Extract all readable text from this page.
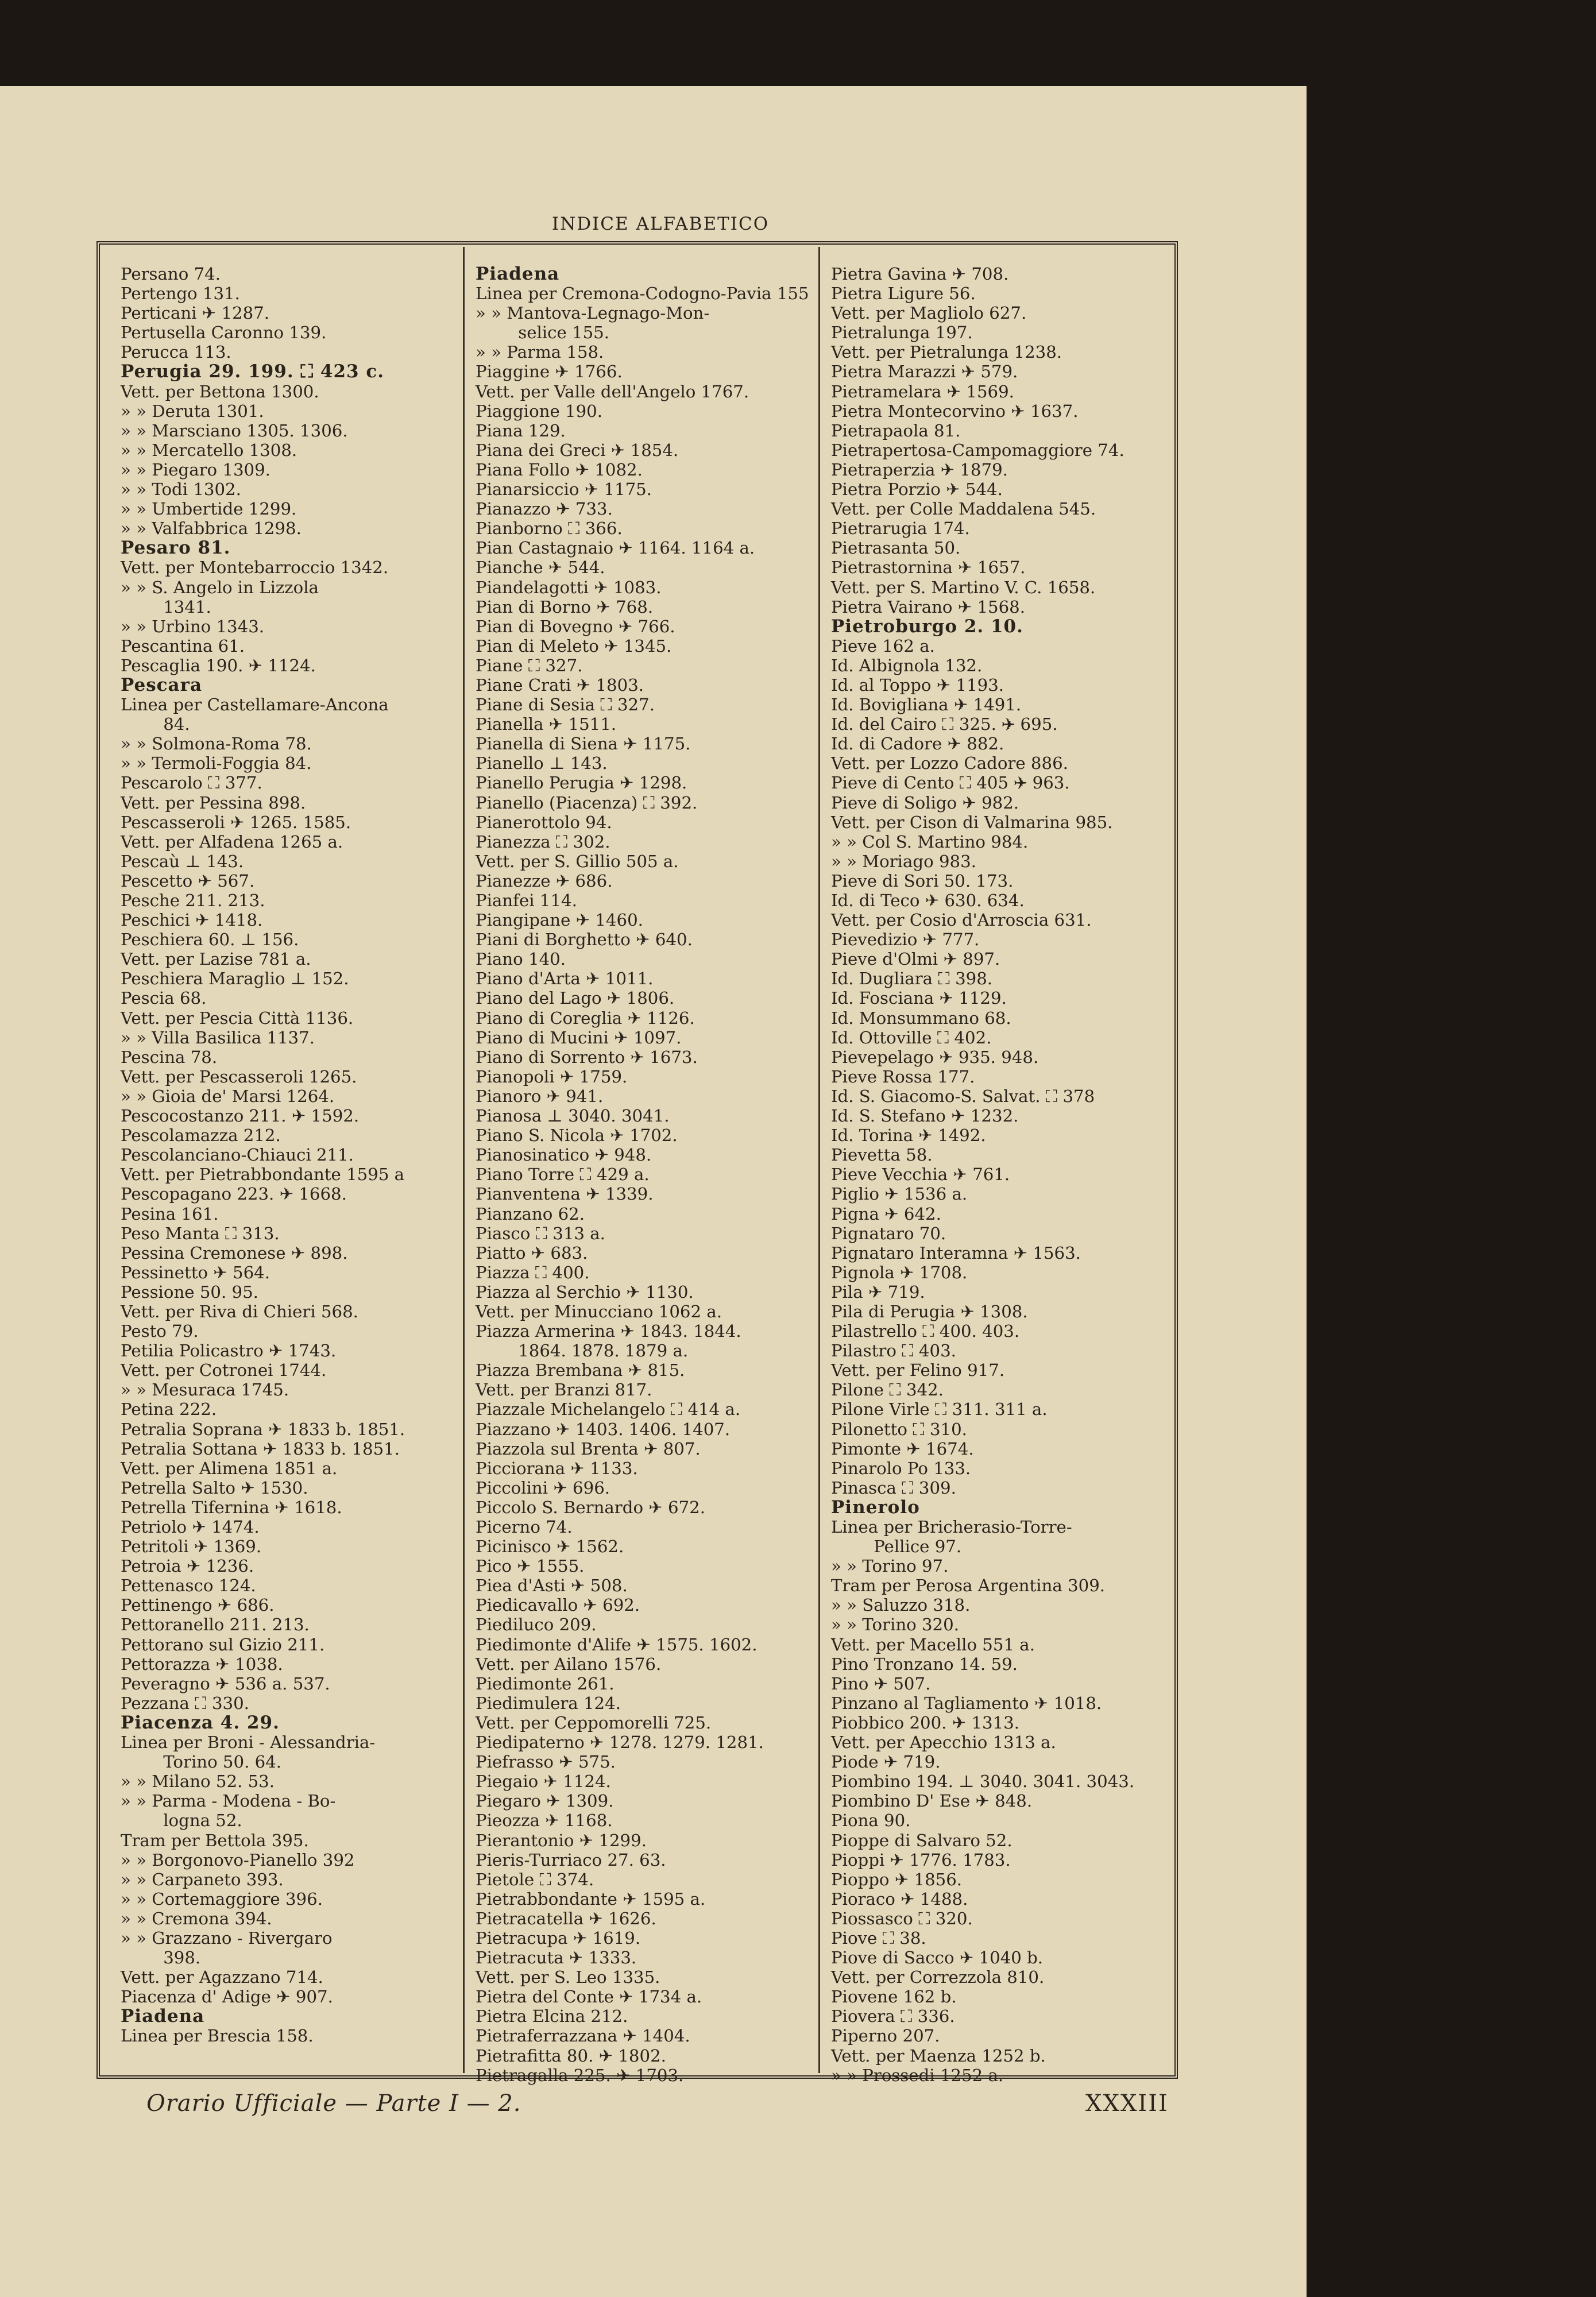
INDICE ALFABETICO
Persano 74.
Pertengo 131.
Perticani ✈ 1287.
Pertusella Caronno 139.
Perucca 113.
Perugia 29. 199. ⛶ 423 c.
Vett. per Bettona 1300.
» » Deruta 1301.
» » Marsciano 1305. 1306.
» » Mercatello 1308.
» » Piegaro 1309.
» » Todi 1302.
» » Umbertide 1299.
» » Valfabbrica 1298.
Pesaro 81.
Vett. per Montebarroccio 1342.
» » S. Angelo in Lizzola
1341.
» » Urbino 1343.
Pescantina 61.
Pescaglia 190. ✈ 1124.
Pescara
Linea per Castellamare-Ancona
84.
» » Solmona-Roma 78.
» » Termoli-Foggia 84.
Pescarolo ⛶ 377.
Vett. per Pessina 898.
Pescasseroli ✈ 1265. 1585.
Vett. per Alfadena 1265 a.
Pescaù ⊥ 143.
Pescetto ✈ 567.
Pesche 211. 213.
Peschici ✈ 1418.
Peschiera 60. ⊥ 156.
Vett. per Lazise 781 a.
Peschiera Maraglio ⊥ 152.
Pescia 68.
Vett. per Pescia Città 1136.
» » Villa Basilica 1137.
Pescina 78.
Vett. per Pescasseroli 1265.
» » Gioia de' Marsi 1264.
Pescocostanzo 211. ✈ 1592.
Pescolamazza 212.
Pescolanciano-Chiauci 211.
Vett. per Pietrabbondante 1595 a
Pescopagano 223. ✈ 1668.
Pesina 161.
Peso Manta ⛶ 313.
Pessina Cremonese ✈ 898.
Pessinetto ✈ 564.
Pessione 50. 95.
Vett. per Riva di Chieri 568.
Pesto 79.
Petilia Policastro ✈ 1743.
Vett. per Cotronei 1744.
» » Mesuraca 1745.
Petina 222.
Petralia Soprana ✈ 1833 b. 1851.
Petralia Sottana ✈ 1833 b. 1851.
Vett. per Alimena 1851 a.
Petrella Salto ✈ 1530.
Petrella Tifernina ✈ 1618.
Petriolo ✈ 1474.
Petritoli ✈ 1369.
Petroia ✈ 1236.
Pettenasco 124.
Pettinengo ✈ 686.
Pettoranello 211. 213.
Pettorano sul Gizio 211.
Pettorazza ✈ 1038.
Peveragno ✈ 536 a. 537.
Pezzana ⛶ 330.
Piacenza 4. 29.
Linea per Broni - Alessandria-
Torino 50. 64.
» » Milano 52. 53.
» » Parma - Modena - Bo-
logna 52.
Tram per Bettola 395.
» » Borgonovo-Pianello 392
» » Carpaneto 393.
» » Cortemaggiore 396.
» » Cremona 394.
» » Grazzano - Rivergaro
398.
Vett. per Agazzano 714.
Piacenza d' Adige ✈ 907.
Piadena
Linea per Brescia 158.
Piadena
Linea per Cremona-Codogno-Pavia 155
» » Mantova-Legnago-Mon-
selice 155.
» » Parma 158.
Piaggine ✈ 1766.
Vett. per Valle dell'Angelo 1767.
Piaggione 190.
Piana 129.
Piana dei Greci ✈ 1854.
Piana Follo ✈ 1082.
Pianarsiccio ✈ 1175.
Pianazzo ✈ 733.
Pianborno ⛶ 366.
Pian Castagnaio ✈ 1164. 1164 a.
Pianche ✈ 544.
Piandelagotti ✈ 1083.
Pian di Borno ✈ 768.
Pian di Bovegno ✈ 766.
Pian di Meleto ✈ 1345.
Piane ⛶ 327.
Piane Crati ✈ 1803.
Piane di Sesia ⛶ 327.
Pianella ✈ 1511.
Pianella di Siena ✈ 1175.
Pianello ⊥ 143.
Pianello Perugia ✈ 1298.
Pianello (Piacenza) ⛶ 392.
Pianerottolo 94.
Pianezza ⛶ 302.
Vett. per S. Gillio 505 a.
Pianezze ✈ 686.
Pianfei 114.
Piangipane ✈ 1460.
Piani di Borghetto ✈ 640.
Piano 140.
Piano d'Arta ✈ 1011.
Piano del Lago ✈ 1806.
Piano di Coreglia ✈ 1126.
Piano di Mucini ✈ 1097.
Piano di Sorrento ✈ 1673.
Pianopoli ✈ 1759.
Pianoro ✈ 941.
Pianosa ⊥ 3040. 3041.
Piano S. Nicola ✈ 1702.
Pianosinatico ✈ 948.
Piano Torre ⛶ 429 a.
Pianventena ✈ 1339.
Pianzano 62.
Piasco ⛶ 313 a.
Piatto ✈ 683.
Piazza ⛶ 400.
Piazza al Serchio ✈ 1130.
Vett. per Minucciano 1062 a.
Piazza Armerina ✈ 1843. 1844.
1864. 1878. 1879 a.
Piazza Brembana ✈ 815.
Vett. per Branzi 817.
Piazzale Michelangelo ⛶ 414 a.
Piazzano ✈ 1403. 1406. 1407.
Piazzola sul Brenta ✈ 807.
Picciorana ✈ 1133.
Piccolini ✈ 696.
Piccolo S. Bernardo ✈ 672.
Picerno 74.
Picinisco ✈ 1562.
Pico ✈ 1555.
Piea d'Asti ✈ 508.
Piedicavallo ✈ 692.
Piediluco 209.
Piedimonte d'Alife ✈ 1575. 1602.
Vett. per Ailano 1576.
Piedimonte 261.
Piedimulera 124.
Vett. per Ceppomorelli 725.
Piedipaterno ✈ 1278. 1279. 1281.
Piefrasso ✈ 575.
Piegaio ✈ 1124.
Piegaro ✈ 1309.
Pieozza ✈ 1168.
Pierantonio ✈ 1299.
Pieris-Turriaco 27. 63.
Pietole ⛶ 374.
Pietrabbondante ✈ 1595 a.
Pietracatella ✈ 1626.
Pietracupa ✈ 1619.
Pietracuta ✈ 1333.
Vett. per S. Leo 1335.
Pietra del Conte ✈ 1734 a.
Pietra Elcina 212.
Pietraferrazzana ✈ 1404.
Pietrafitta 80. ✈ 1802.
Pietragalla 225. ✈ 1703.
Pietra Gavina ✈ 708.
Pietra Ligure 56.
Vett. per Magliolo 627.
Pietralunga 197.
Vett. per Pietralunga 1238.
Pietra Marazzi ✈ 579.
Pietramelara ✈ 1569.
Pietra Montecorvino ✈ 1637.
Pietrapaola 81.
Pietrapertosa-Campomaggiore 74.
Pietraperzia ✈ 1879.
Pietra Porzio ✈ 544.
Vett. per Colle Maddalena 545.
Pietrarugia 174.
Pietrasanta 50.
Pietrastornina ✈ 1657.
Vett. per S. Martino V. C. 1658.
Pietra Vairano ✈ 1568.
Pietroburgo 2. 10.
Pieve 162 a.
Id. Albignola 132.
Id. al Toppo ✈ 1193.
Id. Bovigliana ✈ 1491.
Id. del Cairo ⛶ 325. ✈ 695.
Id. di Cadore ✈ 882.
Vett. per Lozzo Cadore 886.
Pieve di Cento ⛶ 405 ✈ 963.
Pieve di Soligo ✈ 982.
Vett. per Cison di Valmarina 985.
» » Col S. Martino 984.
» » Moriago 983.
Pieve di Sori 50. 173.
Id. di Teco ✈ 630. 634.
Vett. per Cosio d'Arroscia 631.
Pievedizio ✈ 777.
Pieve d'Olmi ✈ 897.
Id. Dugliara ⛶ 398.
Id. Fosciana ✈ 1129.
Id. Monsummano 68.
Id. Ottoville ⛶ 402.
Pievepelago ✈ 935. 948.
Pieve Rossa 177.
Id. S. Giacomo-S. Salvat. ⛶ 378
Id. S. Stefano ✈ 1232.
Id. Torina ✈ 1492.
Pievetta 58.
Pieve Vecchia ✈ 761.
Piglio ✈ 1536 a.
Pigna ✈ 642.
Pignataro 70.
Pignataro Interamna ✈ 1563.
Pignola ✈ 1708.
Pila ✈ 719.
Pila di Perugia ✈ 1308.
Pilastrello ⛶ 400. 403.
Pilastro ⛶ 403.
Vett. per Felino 917.
Pilone ⛶ 342.
Pilone Virle ⛶ 311. 311 a.
Pilonetto ⛶ 310.
Pimonte ✈ 1674.
Pinarolo Po 133.
Pinasca ⛶ 309.
Pinerolo
Linea per Bricherasio-Torre-
Pellice 97.
» » Torino 97.
Tram per Perosa Argentina 309.
» » Saluzzo 318.
» » Torino 320.
Vett. per Macello 551 a.
Pino Tronzano 14. 59.
Pino ✈ 507.
Pinzano al Tagliamento ✈ 1018.
Piobbico 200. ✈ 1313.
Vett. per Apecchio 1313 a.
Piode ✈ 719.
Piombino 194. ⊥ 3040. 3041. 3043.
Piombino D' Ese ✈ 848.
Piona 90.
Pioppe di Salvaro 52.
Pioppi ✈ 1776. 1783.
Pioppo ✈ 1856.
Pioraco ✈ 1488.
Piossasco ⛶ 320.
Piove ⛶ 38.
Piove di Sacco ✈ 1040 b.
Vett. per Correzzola 810.
Piovene 162 b.
Piovera ⛶ 336.
Piperno 207.
Vett. per Maenza 1252 b.
» » Prossedi 1252 a.
Orario Ufficiale — Parte I — 2.	XXXIII
